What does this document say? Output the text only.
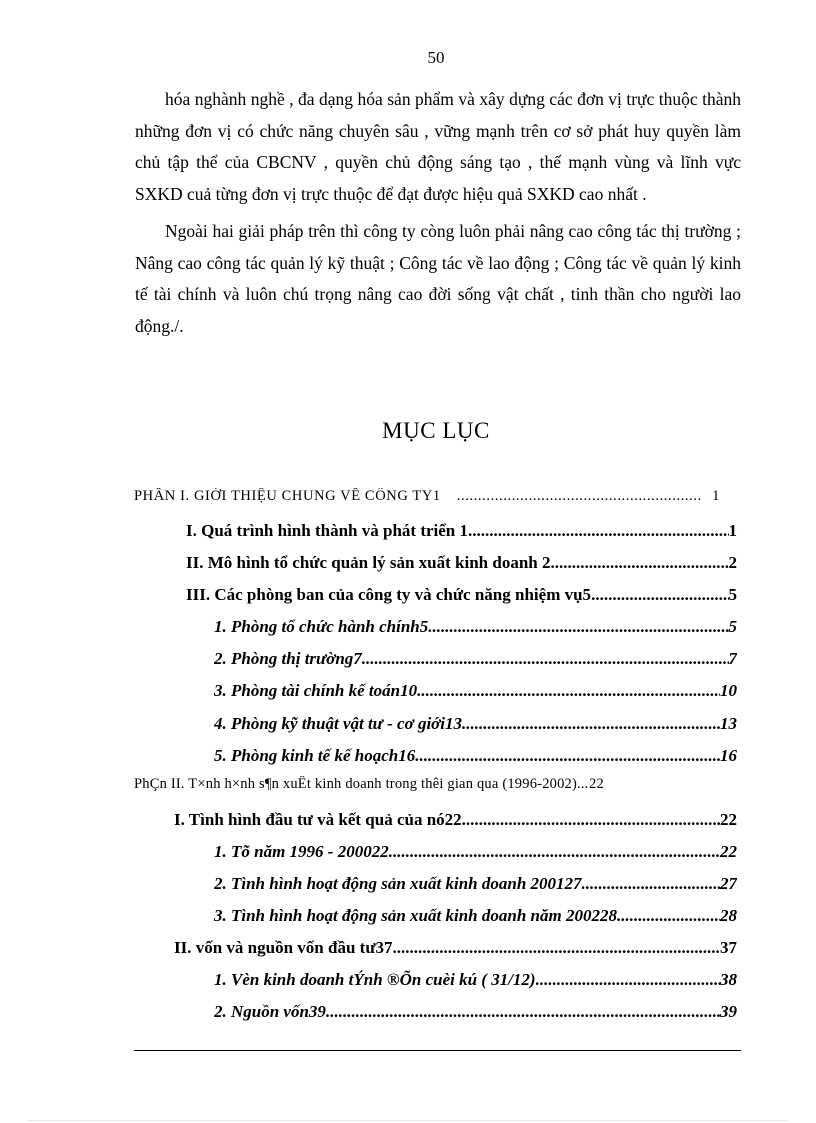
50

hóa nghành nghề , đa dạng hóa sản phẩm và xây dựng các đơn vị trực thuộc thành những đơn vị có chức năng chuyên sâu , vững mạnh trên cơ sở phát huy quyền làm chủ tập thể của CBCNV , quyền chủ động sáng tạo , thế mạnh vùng và lĩnh vực SXKD cuả từng đơn vị trực thuộc để đạt được hiệu quả SXKD cao nhất .

Ngoài hai giải pháp trên thì công ty còng luôn phải nâng cao công tác thị trường ; Nâng cao công tác quản lý kỹ thuật ; Công tác về lao động ; Công tác về quản lý kinh tế tài chính và luôn chú trọng nâng cao đời sống vật chất , tinh thần cho người lao động./.

MỤC LỤC
PHẦN I. GIỚI THIỆU CHUNG VỀ CÔNG TY1 .....	1
I. Quá trình hình thành và phát triển 1 .....	1
II. Mô hình tổ chức quản lý sản xuất kinh doanh 2 .....	2
III. Các phòng ban của công ty và chức năng nhiệm vụ5 .....	5
1. Phòng tổ chức hành chính5 .....	5
2. Phòng thị trường7 .....	7
3. Phòng tài chính kế toán10 .....	10
4. Phòng kỹ thuật vật tư - cơ giới13 .....	13
5. Phòng kinh tế kế hoạch16 .....	16
PhÇn II. T×nh h×nh s¶n xuÊt kinh doanh trong thêi gian qua (1996-2002) ..... 22
I. Tình hình đầu tư và kết quả của nó22 .....	22
1. Tõ năm 1996 - 200022 .....	22
2. Tình hình hoạt động sản xuất kinh doanh 200127 .....	27
3. Tình hình hoạt động sản xuất kinh doanh năm 200228 .....	28
II. vốn và nguồn vốn đầu tư37 .....	37
1. Vèn kinh doanh tÝnh ®Õn cuèi kú ( 31/12) .....	38
2. Nguồn vốn39 .....	39
